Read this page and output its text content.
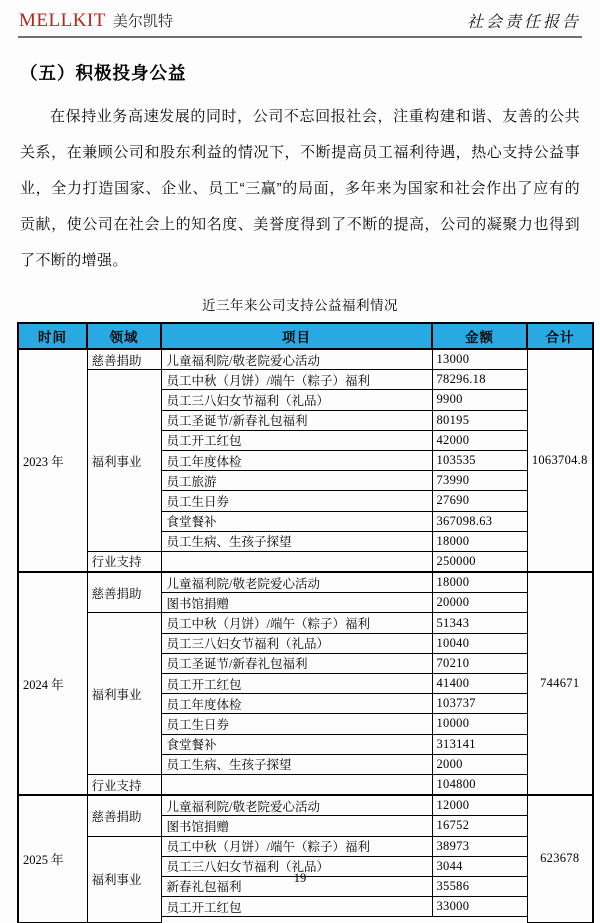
MELLKIT 美尔凯特	社会责任报告
（五）积极投身公益

在保持业务高速发展的同时，公司不忘回报社会，注重构建和谐、友善的公共关系，在兼顾公司和股东利益的情况下，不断提高员工福利待遇，热心支持公益事业，全力打造国家、企业、员工“三赢”的局面，多年来为国家和社会作出了应有的贡献，使公司在社会上的知名度、美誉度得到了不断的提高，公司的凝聚力也得到了不断的增强。

近三年来公司支持公益福利情况
时间	领域	项目	金额	合计
2023 年	慈善捐助	儿童福利院/敬老院爱心活动	13000	1063704.8
	福利事业	员工中秋（月饼）/端午（粽子）福利	78296.18	
		员工三八妇女节福利（礼品）	9900	
		员工圣诞节/新春礼包福利	80195	
		员工开工红包	42000	
		员工年度体检	103535	
		员工旅游	73990	
		员工生日券	27690	
		食堂餐补	367098.63	
		员工生病、生孩子探望	18000	
	行业支持		250000	
2024 年	慈善捐助	儿童福利院/敬老院爱心活动	18000	744671
		图书馆捐赠	20000	
	福利事业	员工中秋（月饼）/端午（粽子）福利	51343	
		员工三八妇女节福利（礼品）	10040	
		员工圣诞节/新春礼包福利	70210	
		员工开工红包	41400	
		员工年度体检	103737	
		员工生日券	10000	
		食堂餐补	313141	
		员工生病、生孩子探望	2000	
	行业支持		104800	
2025 年	慈善捐助	儿童福利院/敬老院爱心活动	12000	623678
		图书馆捐赠	16752	
	福利事业	员工中秋（月饼）/端午（粽子）福利	38973	
		员工三八妇女节福利（礼品）	3044	
		新春礼包福利	35586	
		员工开工红包	33000	

19
